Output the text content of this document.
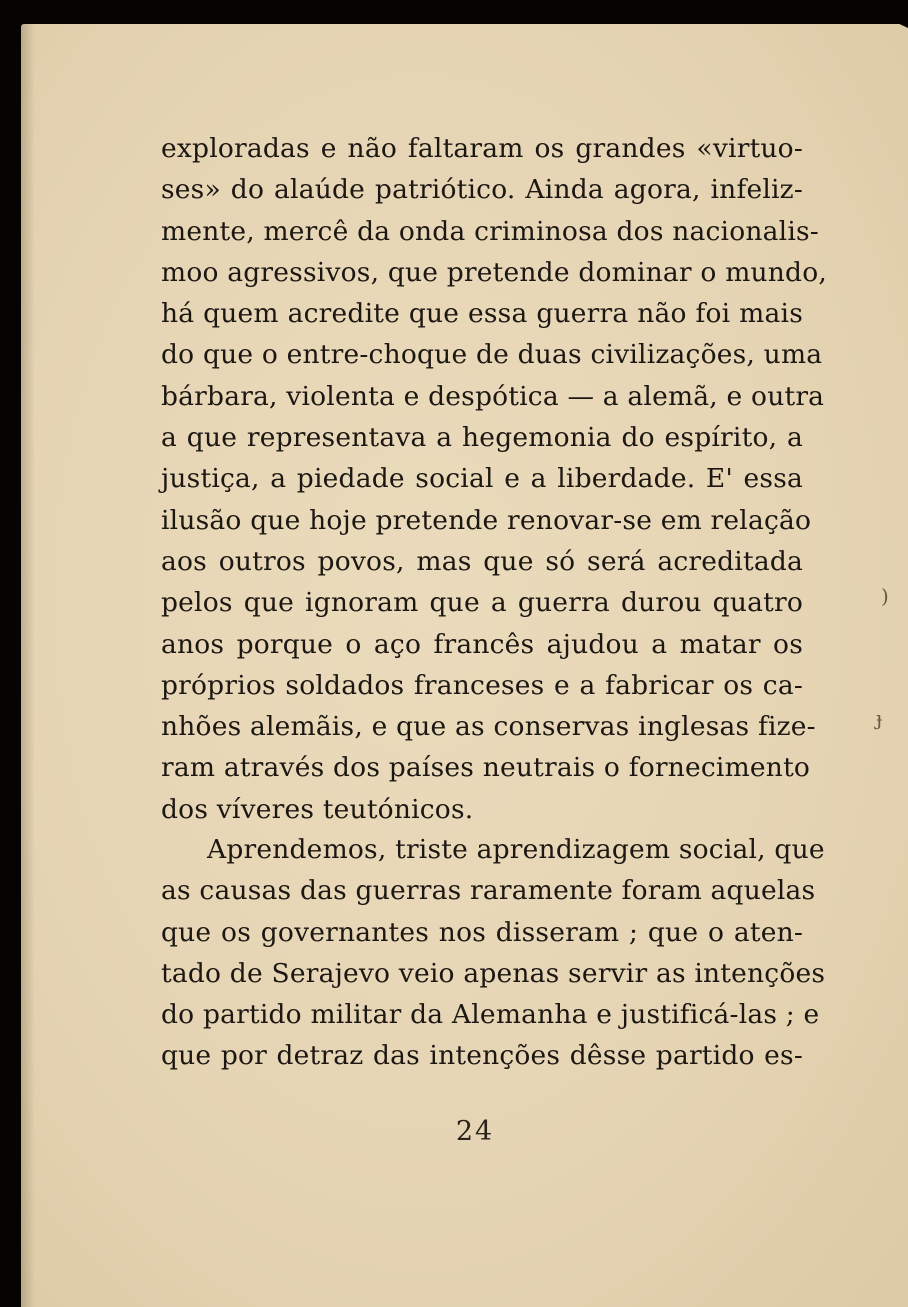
exploradas e não faltaram os grandes «virtuo-
ses» do alaúde patriótico. Ainda agora, infeliz-
mente, mercê da onda criminosa dos nacionalis-
moo agressivos, que pretende dominar o mundo,
há quem acredite que essa guerra não foi mais
do que o entre-choque de duas civilizações, uma
bárbara, violenta e despótica — a alemã, e outra
a que representava a hegemonia do espírito, a
justiça, a piedade social e a liberdade. E' essa
ilusão que hoje pretende renovar-se em relação
aos outros povos, mas que só será acreditada
pelos que ignoram que a guerra durou quatro
anos porque o aço francês ajudou a matar os
próprios soldados franceses e a fabricar os ca-
nhões alemãis, e que as conservas inglesas fize-
ram através dos países neutrais o fornecimento
dos víveres teutónicos.
Aprendemos, triste aprendizagem social, que
as causas das guerras raramente foram aquelas
que os governantes nos disseram ; que o aten-
tado de Serajevo veio apenas servir as intenções
do partido militar da Alemanha e justificá-las ; e
que por detraz das intenções dêsse partido es-
)
ɟ
24
